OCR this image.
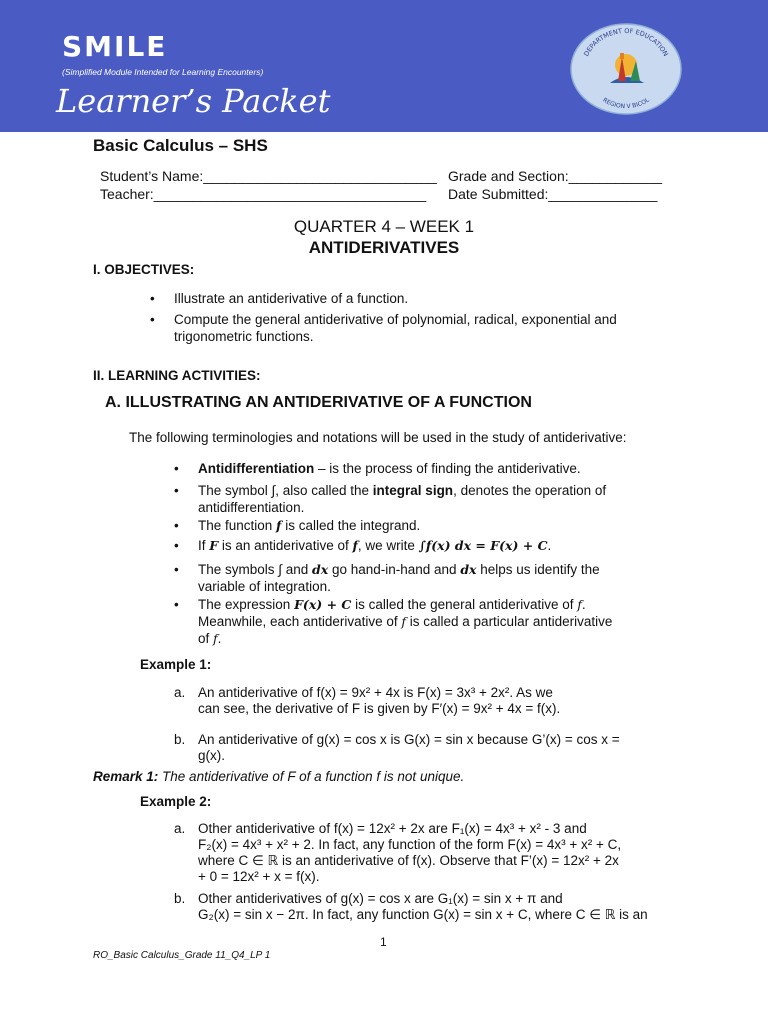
SMILE
(Simplified Module Intended for Learning Encounters)
Learner’s Packet
DEPARTMENT OF EDUCATION
REGION V BICOL
Basic Calculus – SHS
Student’s Name:______________________________ Grade and Section:____________
Teacher:___________________________________ Date Submitted:______________
QUARTER 4 – WEEK 1
ANTIDERIVATIVES
I. OBJECTIVES:
• Illustrate an antiderivative of a function.
• Compute the general antiderivative of polynomial, radical, exponential and trigonometric functions.
II. LEARNING ACTIVITIES:
A. ILLUSTRATING AN ANTIDERIVATIVE OF A FUNCTION
The following terminologies and notations will be used in the study of antiderivative:
• Antidifferentiation – is the process of finding the antiderivative.
• The symbol ∫, also called the integral sign, denotes the operation of antidifferentiation.
• The function f is called the integrand.
• If F is an antiderivative of f, we write ∫f(x) dx = F(x) + C.
• The symbols ∫ and dx go hand-in-hand and dx helps us identify the variable of integration.
• The expression F(x) + C is called the general antiderivative of f. Meanwhile, each antiderivative of f is called a particular antiderivative of f.
Example 1:
a. An antiderivative of f(x) = 9x² + 4x is F(x) = 3x³ + 2x². As we
can see, the derivative of F is given by F′(x) = 9x² + 4x = f(x).
b. An antiderivative of g(x) = cos x is G(x) = sin x because G’(x) = cos x =
g(x).
Remark 1: The antiderivative of F of a function f is not unique.
Example 2:
a. Other antiderivative of f(x) = 12x² + 2x are F₁(x) = 4x³ + x² - 3 and
F₂(x) = 4x³ + x² + 2. In fact, any function of the form F(x) = 4x³ + x² + C,
where C ∈ ℝ is an antiderivative of f(x). Observe that F’(x) = 12x² + 2x
+ 0 = 12x² + x = f(x).
b. Other antiderivatives of g(x) = cos x are G₁(x) = sin x + π and
G₂(x) = sin x − 2π. In fact, any function G(x) = sin x + C, where C ∈ ℝ is an
1
RO_Basic Calculus_Grade 11_Q4_LP 1
